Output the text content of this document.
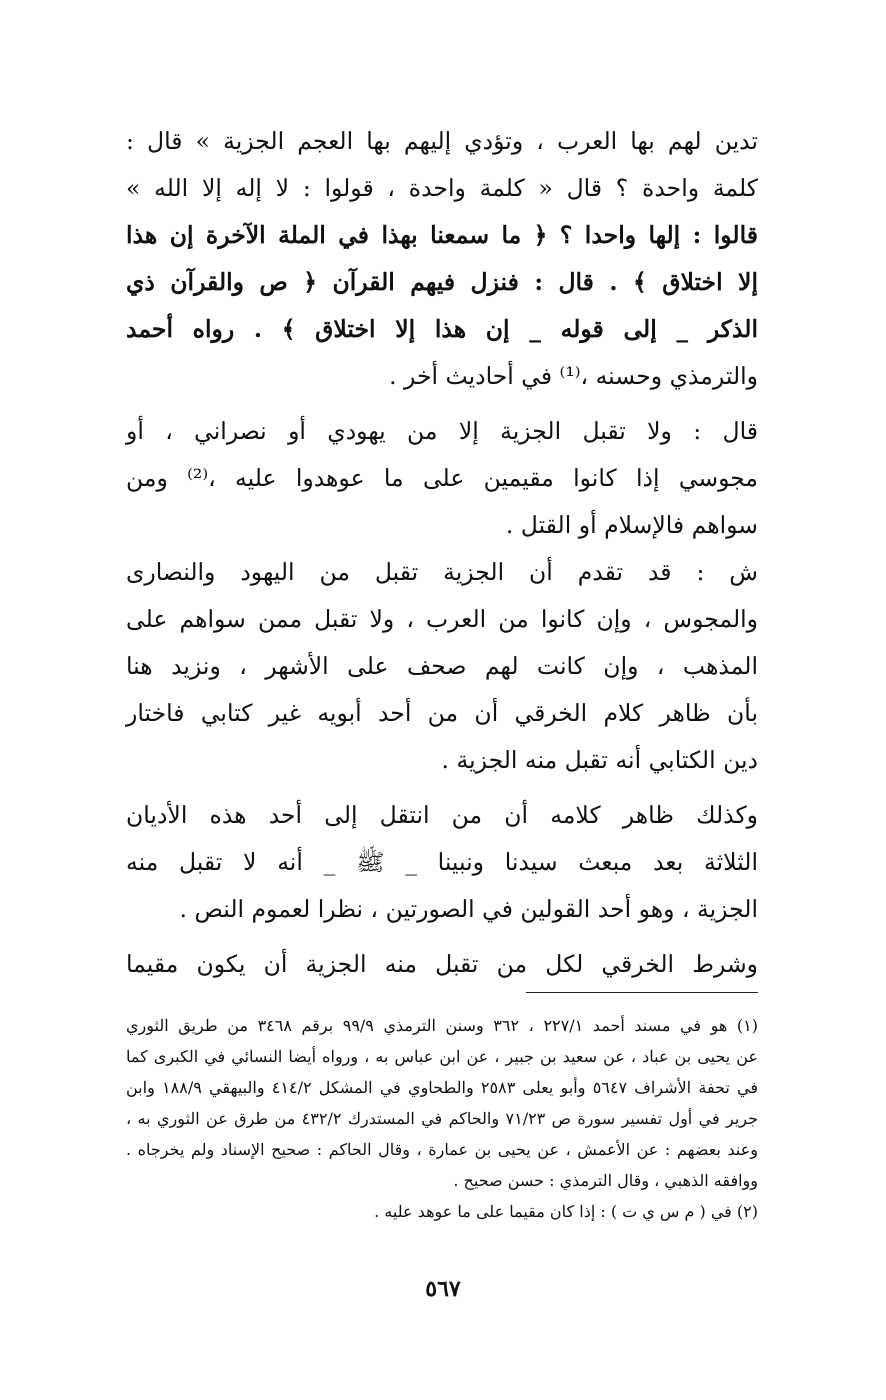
تدين لهم بها العرب ، وتؤدي إليهم بها العجم الجزية » قال :
كلمة واحدة ؟ قال « كلمة واحدة ، قولوا : لا إله إلا الله »
قالوا : إلها واحدا ؟ ﴿ ما سمعنا بهذا في الملة الآخرة إن هذا
إلا اختلاق ﴾ . قال : فنزل فيهم القرآن ﴿ ص والقرآن ذي
الذكر _ إلى قوله _ إن هذا إلا اختلاق ﴾ . رواه أحمد
والترمذي وحسنه ،⁽¹⁾ في أحاديث أخر .
قال : ولا تقبل الجزية إلا من يهودي أو نصراني ، أو
مجوسي إذا كانوا مقيمين على ما عوهدوا عليه ،⁽²⁾ ومن
سواهم فالإسلام أو القتل .
ش : قد تقدم أن الجزية تقبل من اليهود والنصارى
والمجوس ، وإن كانوا من العرب ، ولا تقبل ممن سواهم على
المذهب ، وإن كانت لهم صحف على الأشهر ، ونزيد هنا
بأن ظاهر كلام الخرقي أن من أحد أبويه غير كتابي فاختار
دين الكتابي أنه تقبل منه الجزية .
وكذلك ظاهر كلامه أن من انتقل إلى أحد هذه الأديان
الثلاثة بعد مبعث سيدنا ونبينا _ ﷺ _ أنه لا تقبل منه
الجزية ، وهو أحد القولين في الصورتين ، نظرا لعموم النص .
وشرط الخرقي لكل من تقبل منه الجزية أن يكون مقيما
(١) هو في مسند أحمد ٢٢٧/١ ، ٣٦٢ وسنن الترمذي ٩٩/٩ برقم ٣٤٦٨ من طريق الثوري
عن يحيى بن عباد ، عن سعيد بن جبير ، عن ابن عباس به ، ورواه أيضا النسائي في الكبرى كما
في تحفة الأشراف ٥٦٤٧ وأبو يعلى ٢٥٨٣ والطحاوي في المشكل ٤١٤/٢ والبيهقي ١٨٨/٩ وابن
جرير في أول تفسير سورة ص ٧١/٢٣ والحاكم في المستدرك ٤٣٢/٢ من طرق عن الثوري به ،
وعند بعضهم : عن الأعمش ، عن يحيى بن عمارة ، وقال الحاكم : صحيح الإسناد ولم يخرجاه .
ووافقه الذهبي ، وقال الترمذي : حسن صحيح .
(٢) في ( م س ي ت ) : إذا كان مقيما على ما عوهد عليه .
٥٦٧
